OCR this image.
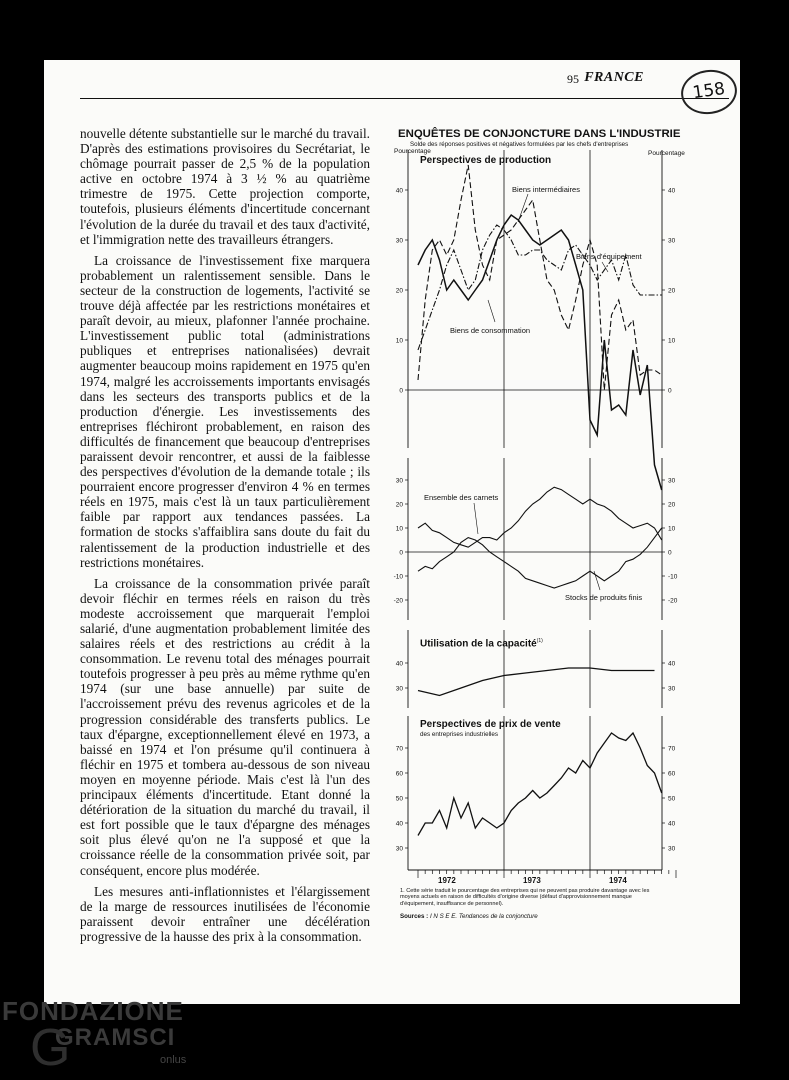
95 FRANCE
158

nouvelle détente substantielle sur le marché du travail. D'après des estimations provisoires du Secrétariat, le chômage pourrait passer de 2,5 % de la population active en octobre 1974 à 3 ½ % au quatrième trimestre de 1975. Cette projection comporte, toutefois, plusieurs éléments d'incertitude concernant l'évolution de la durée du travail et des taux d'activité, et l'immigration nette des travailleurs étrangers.

La croissance de l'investissement fixe marquera probablement un ralentissement sensible. Dans le secteur de la construction de logements, l'activité se trouve déjà affectée par les restrictions monétaires et paraît devoir, au mieux, plafonner l'année prochaine. L'investissement public total (administrations publiques et entreprises nationalisées) devrait augmenter beaucoup moins rapidement en 1975 qu'en 1974, malgré les accroissements importants envisagés dans les secteurs des transports publics et de la production d'énergie. Les investissements des entreprises fléchiront probablement, en raison des difficultés de financement que beaucoup d'entreprises paraissent devoir rencontrer, et aussi de la faiblesse des perspectives d'évolution de la demande totale ; ils pourraient encore progresser d'environ 4 % en termes réels en 1975, mais c'est là un taux particulièrement faible par rapport aux tendances passées. La formation de stocks s'affaiblira sans doute du fait du ralentissement de la production industrielle et des restrictions monétaires.

La croissance de la consommation privée paraît devoir fléchir en termes réels en raison du très modeste accroissement que marquerait l'emploi salarié, d'une augmentation probablement limitée des salaires réels et des restrictions au crédit à la consommation. Le revenu total des ménages pourrait toutefois progresser à peu près au même rythme qu'en 1974 (sur une base annuelle) par suite de l'accroissement prévu des revenus agricoles et de la progression considérable des transferts publics. Le taux d'épargne, exceptionnellement élevé en 1973, a baissé en 1974 et l'on présume qu'il continuera à fléchir en 1975 et tombera au-dessous de son niveau moyen en moyenne période. Mais c'est là l'un des principaux éléments d'incertitude. Etant donné la détérioration de la situation du marché du travail, il est fort possible que le taux d'épargne des ménages soit plus élevé qu'on ne l'a supposé et que la croissance réelle de la consommation privée soit, par conséquent, encore plus modérée.

Les mesures anti-inflationnistes et l'élargissement de la marge de ressources inutilisées de l'économie paraissent devoir entraîner une décélération progressive de la hausse des prix à la consommation.

ENQUÊTES DE CONJONCTURE DANS L'INDUSTRIE
Solde des réponses positives et négatives formulées par les chefs d'entreprises
40	40
30	30
20	20
10	10
0	0
30	30
20	20
10	10
0	0
-10	-10
-20	-20
40	40
30	30
70	70
60	60
50	50
40	40
30	30
Pourcentage	Pourcentage
Perspectives de production
Biens intermédiaires
Biens d'équipement
Biens de consommation
Ensemble des carnets
Stocks de produits finis
Utilisation de la capacité$^{(1)}$
Perspectives de prix de vente
des entreprises industrielles
1972	1973	1974
1. Cette série traduit le pourcentage des entreprises qui ne peuvent pas produire davantage avec les moyens actuels en raison de difficultés d'origine diverse (défaut d'approvisionnement manque d'équipement, insuffisance de personnel).
Sources : I N S E E. Tendances de la conjoncture
FONDAZIONE
GRAMSCI
G	onlus
